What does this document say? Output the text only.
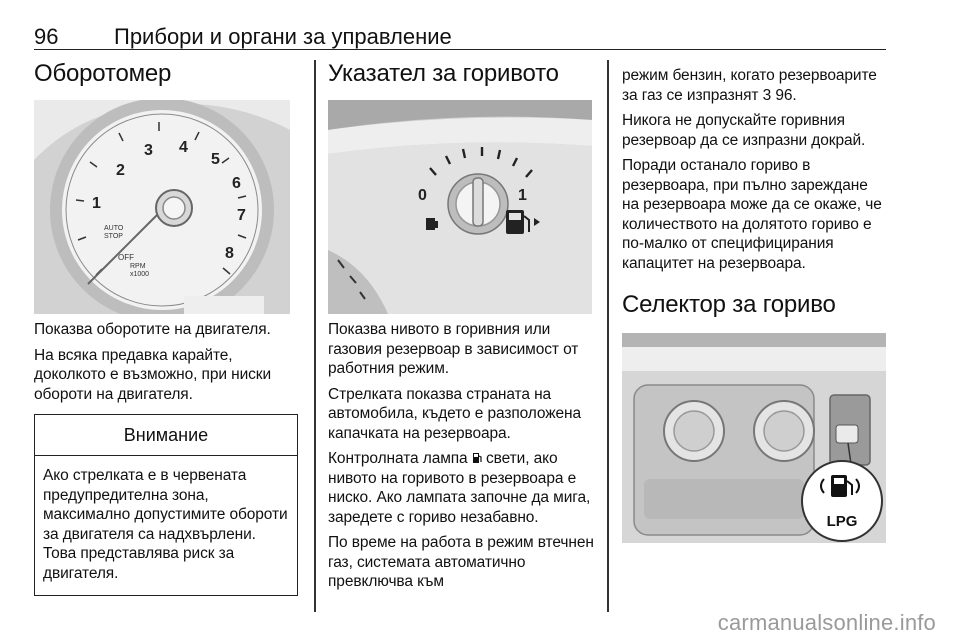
96	Прибори и органи за управление
Оборотомер
1
2
3 4
5
6
7
8
AUTO
STOP
OFF
RPM
x1000

Показва оборотите на двигателя.

На всяка предавка карайте, доколкото е възможно, при ниски обороти на двигателя.

Внимание

Ако стрелката е в червената предупредителна зона, максимално допустимите обороти за двигателя са надхвърлени. Това представлява риск за двигателя.

Указател за горивото
0	1

Показва нивото в горивния или газовия резервоар в зависимост от работния режим.

Стрелката показва страната на автомобила, където е разположена капачката на резервоара.

Контролната лампа свети, ако нивото на горивото в резервоара е ниско. Ако лампата започне да мига, заредете с гориво незабавно.

По време на работа в режим втечнен газ, системата автоматично превключва към

режим бензин, когато резервоарите за газ се изпразнят 3 96.

Никога не допускайте горивния резервоар да се изпразни докрай.

Поради останало гориво в резервоара, при пълно зареждане на резервоара може да се окаже, че количеството на долятото гориво е по-малко от специфицирания капацитет на резервоара.

Селектор за гориво
LPG
carmanualsonline.info
